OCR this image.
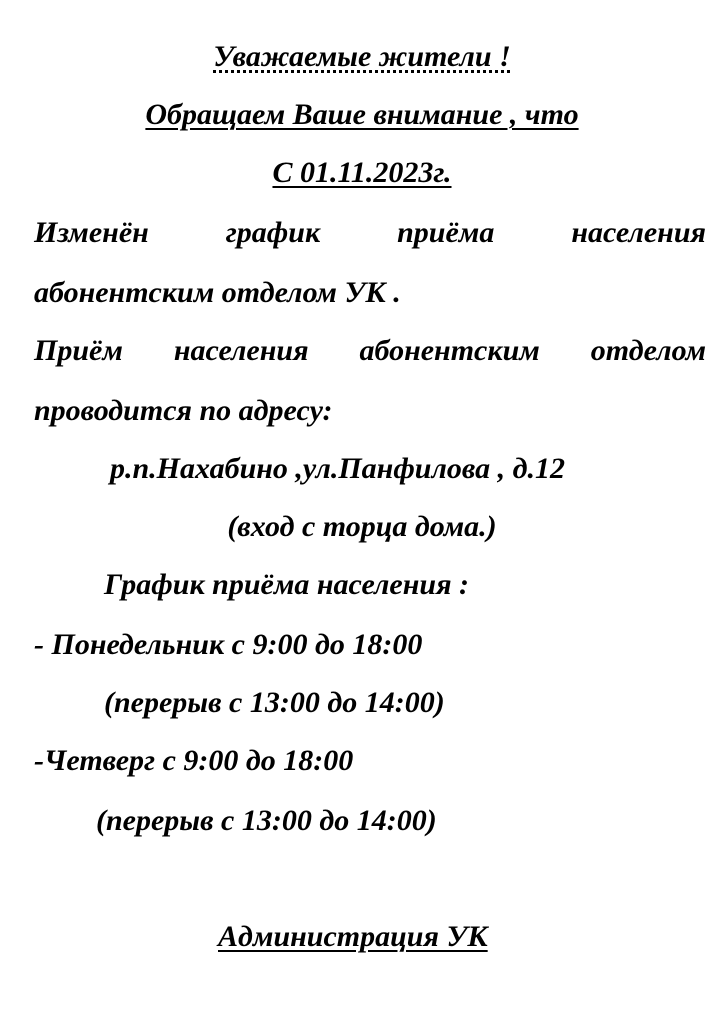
Уважаемые жители !
Обращаем Ваше внимание , что
С 01.11.2023г.
Изменён	график	приёма	населения
абонентским отделом УК .
Приём населения абонентским отделом
проводится по адресу:
р.п.Нахабино ,ул.Панфилова , д.12
(вход с торца дома.)
График приёма населения :
- Понедельник с 9:00 до 18:00
(перерыв с 13:00 до 14:00)
-Четверг с 9:00 до 18:00
(перерыв с 13:00 до 14:00)
Администрация УК
